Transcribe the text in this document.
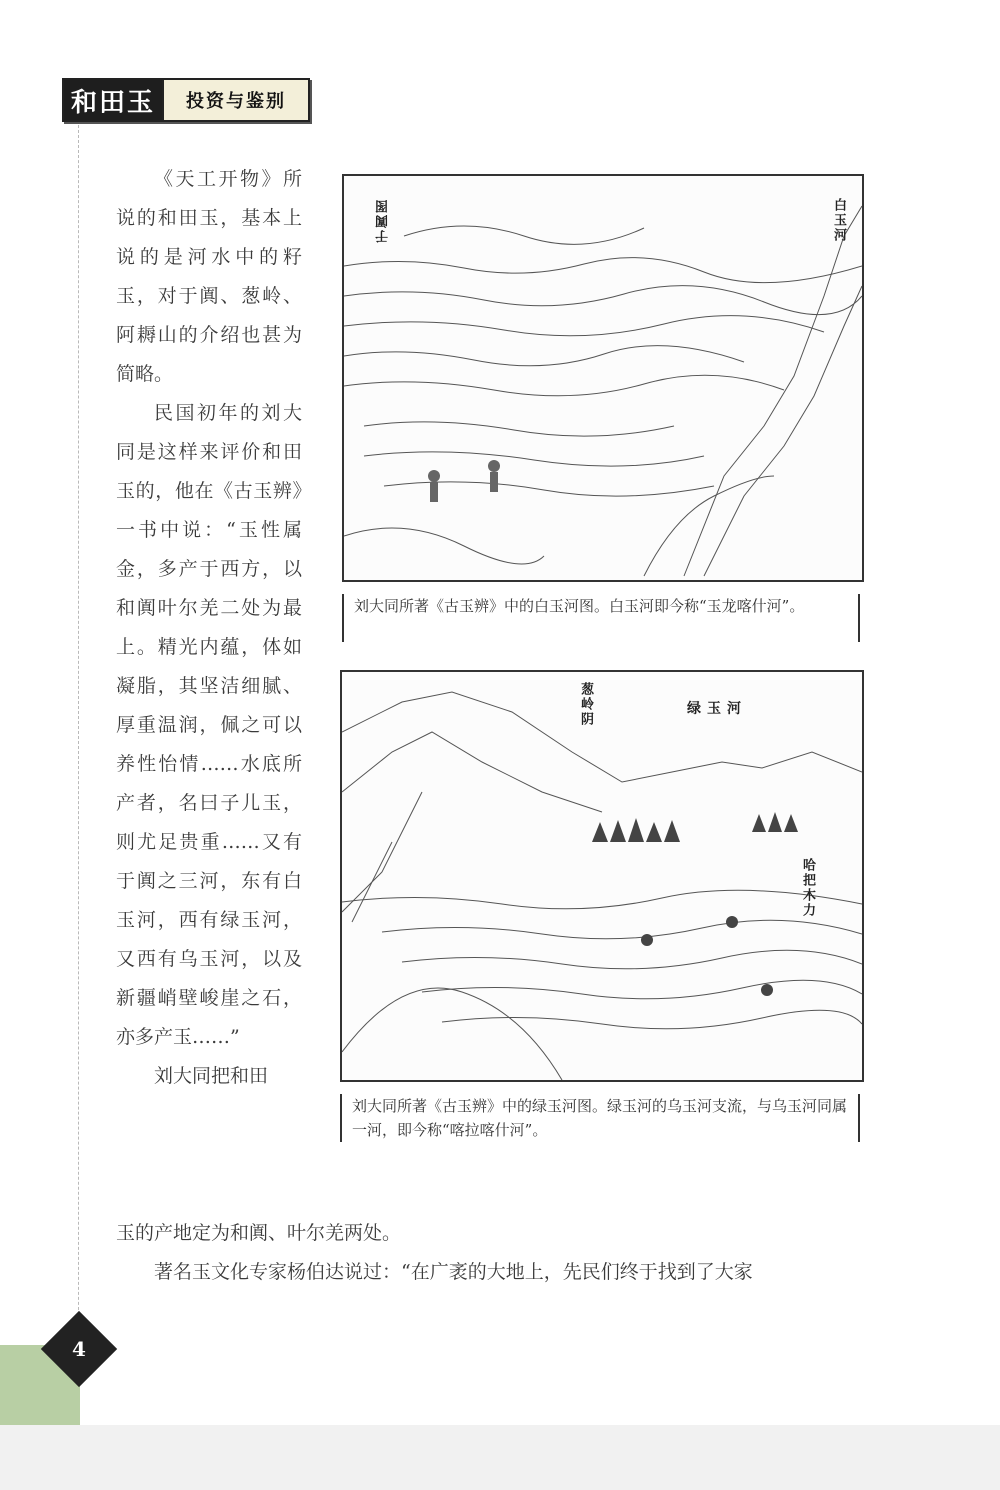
和田玉	投资与鉴别

《天工开物》所说的和田玉，基本上说的是河水中的籽玉，对于阗、葱岭、阿耨山的介绍也甚为简略。

民国初年的刘大同是这样来评价和田玉的，他在《古玉辨》一书中说：“玉性属金，多产于西方，以和阗叶尔羌二处为最上。精光内蕴，体如凝脂，其坚洁细腻、厚重温润，佩之可以养性怡情……水底所产者，名曰子儿玉，则尤足贵重……又有于阗之三河，东有白玉河，西有绿玉河，又西有乌玉河，以及新疆峭壁峻崖之石，亦多产玉……”

刘大同把和田

玉的产地定为和阗、叶尔羌两处。
著名玉文化专家杨伯达说过：“在广袤的大地上，先民们终于找到了大家
白玉河
于阗图
刘大同所著《古玉辨》中的白玉河图。白玉河即今称“玉龙喀什河”。
绿玉河
葱岭阴
哈把木力
刘大同所著《古玉辨》中的绿玉河图。绿玉河的乌玉河支流，与乌玉河同属一河，即今称“喀拉喀什河”。
4
